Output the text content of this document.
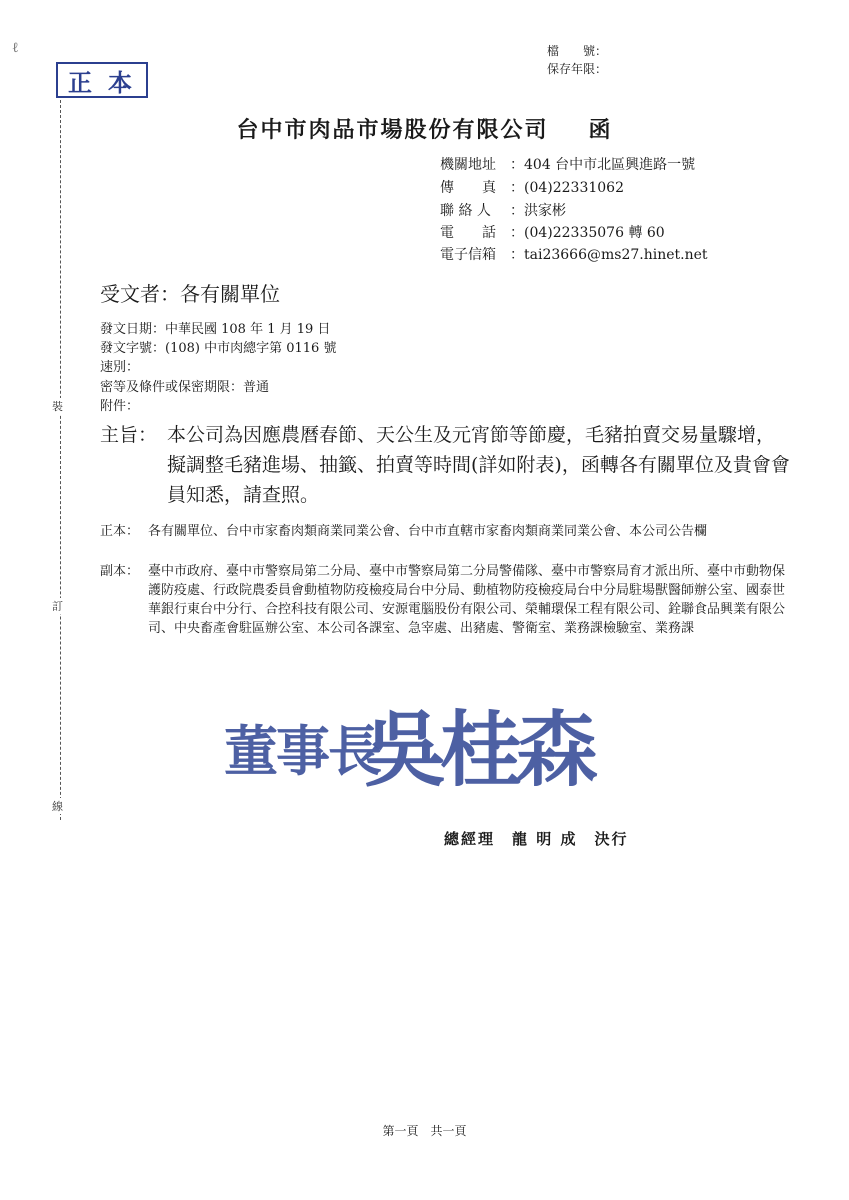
ℓ
正本
裝
訂
線
檔　　號：
保存年限：
台中市肉品市場股份有限公司 函
機關地址 ：404 台中市北區興進路一號
傳　　真 ：(04)22331062
聯 絡 人 ：洪家彬
電　　話 ：(04)22335076 轉 60
電子信箱 ：tai23666@ms27.hinet.net
受文者：各有關單位
發文日期：中華民國 108 年 1 月 19 日
發文字號：(108) 中市肉總字第 0116 號
速別：
密等及條件或保密期限：普通
附件：
主旨： 本公司為因應農曆春節、天公生及元宵節等節慶，毛豬拍賣交易量驟增，擬調整毛豬進場、抽籤、拍賣等時間(詳如附表)，函轉各有關單位及貴會會員知悉，請查照。
正本： 各有關單位、台中市家畜肉類商業同業公會、台中市直轄市家畜肉類商業同業公會、本公司公告欄
副本： 臺中市政府、臺中市警察局第二分局、臺中市警察局第二分局警備隊、臺中市警察局育才派出所、臺中市動物保護防疫處、行政院農委員會動植物防疫檢疫局台中分局、動植物防疫檢疫局台中分局駐場獸醫師辦公室、國泰世華銀行東台中分行、合控科技有限公司、安源電腦股份有限公司、榮輔環保工程有限公司、銓聯食品興業有限公司、中央畜產會駐區辦公室、本公司各課室、急宰處、出豬處、警衛室、業務課檢驗室、業務課
董事長
吳桂森
總經理　龍 明 成　決行
第一頁　共一頁
